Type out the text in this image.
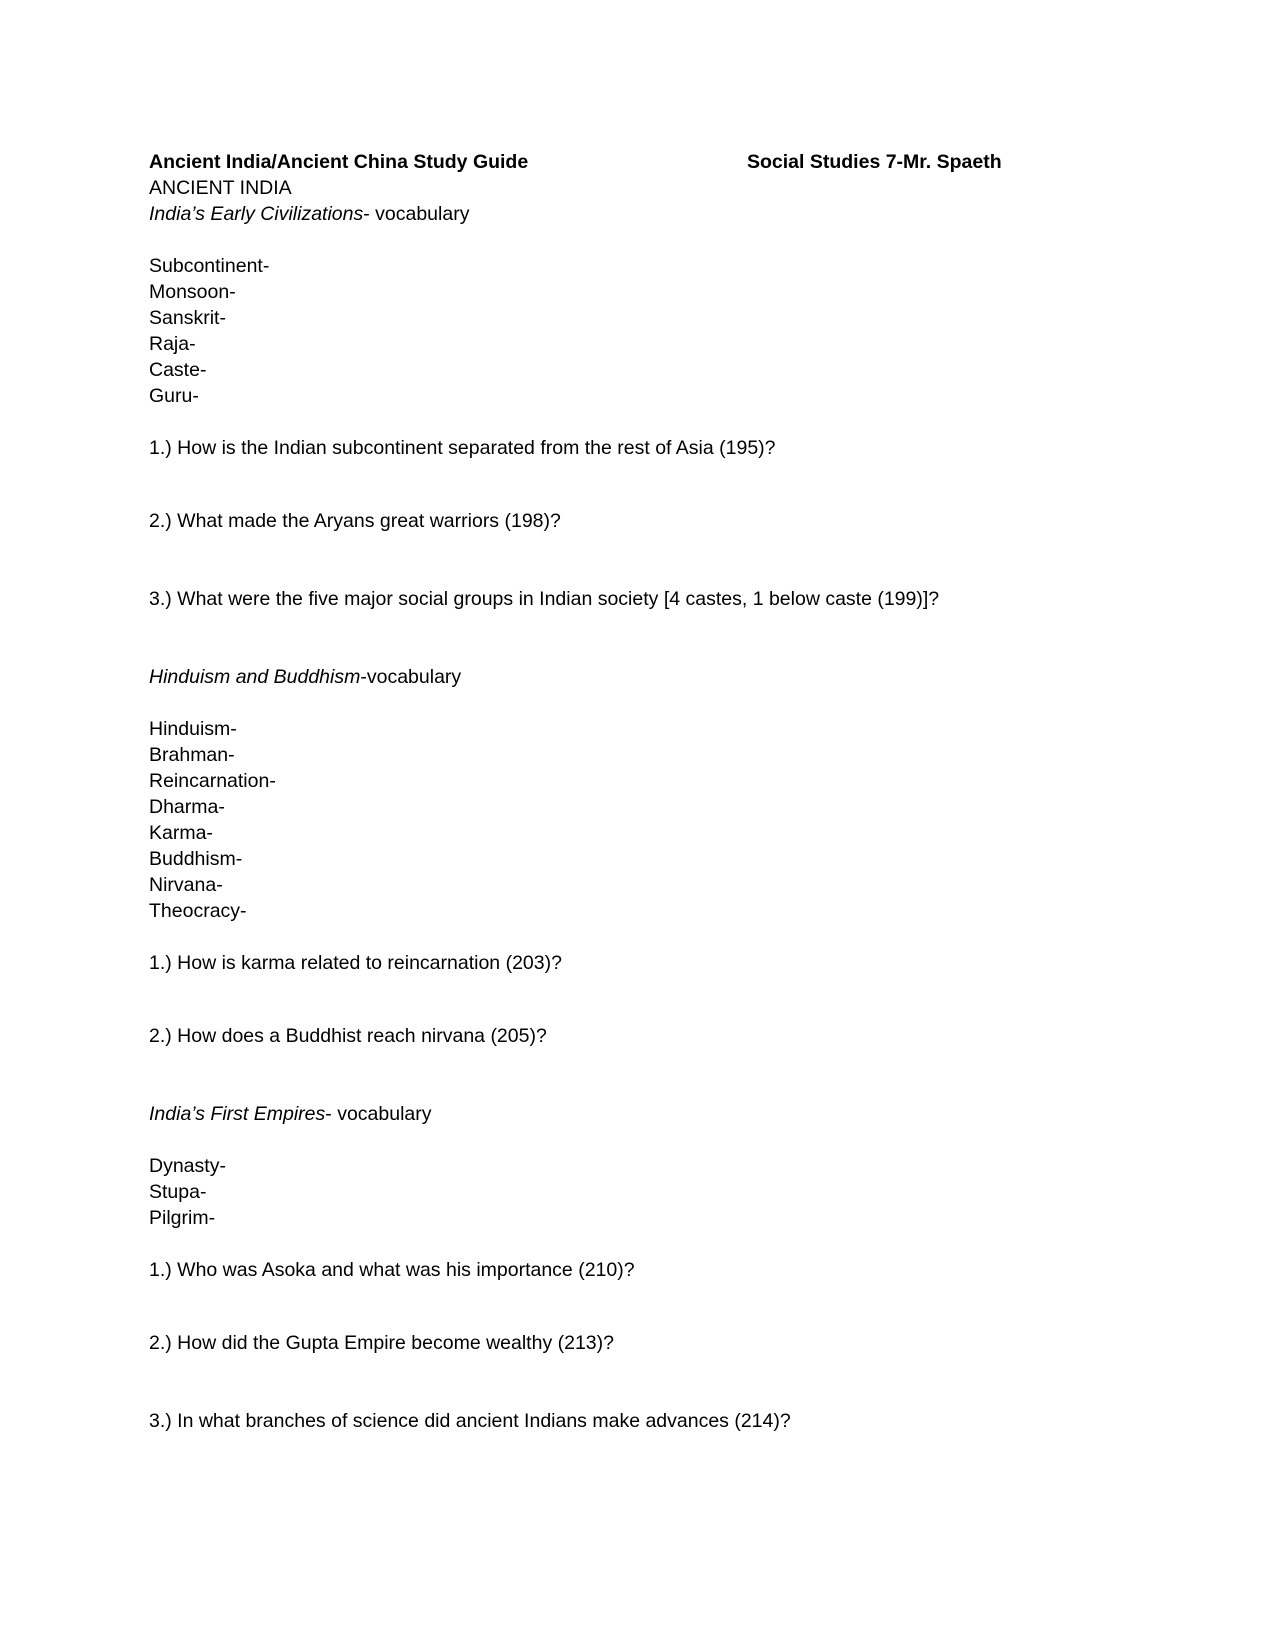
Ancient India/Ancient China Study Guide	Social Studies 7-Mr. Spaeth
ANCIENT INDIA
India’s Early Civilizations- vocabulary
Subcontinent-
Monsoon-
Sanskrit-
Raja-
Caste-
Guru-
1.) How is the Indian subcontinent separated from the rest of Asia (195)?
2.) What made the Aryans great warriors (198)?
3.) What were the five major social groups in Indian society [4 castes, 1 below caste (199)]?
Hinduism and Buddhism-vocabulary
Hinduism-
Brahman-
Reincarnation-
Dharma-
Karma-
Buddhism-
Nirvana-
Theocracy-
1.) How is karma related to reincarnation (203)?
2.) How does a Buddhist reach nirvana (205)?
India’s First Empires- vocabulary
Dynasty-
Stupa-
Pilgrim-
1.) Who was Asoka and what was his importance (210)?
2.) How did the Gupta Empire become wealthy (213)?
3.) In what branches of science did ancient Indians make advances (214)?
